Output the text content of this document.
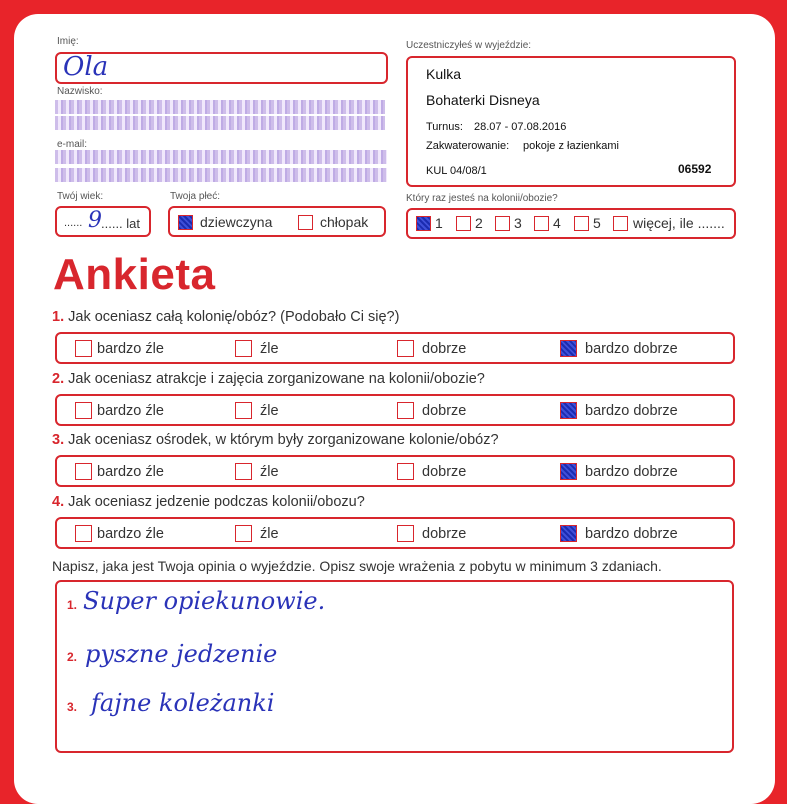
Imię:
Ola
Nazwisko:
e-mail:
Twój wiek:
...... 9 ...... lat
Twoja płeć:
dziewczyna	chłopak
Uczestniczyłeś w wyjeździe:
Kulka
Bohaterki Disneya
Turnus: 28.07 - 07.08.2016
Zakwaterowanie: pokoje z łazienkami
KUL 04/08/1	06592
Który raz jesteś na kolonii/obozie?
1 2 3 4 5 więcej, ile .......
Ankieta
1. Jak oceniasz całą kolonię/obóz? (Podobało Ci się?)
bardzo źle	źle	dobrze	bardzo dobrze
2. Jak oceniasz atrakcje i zajęcia zorganizowane na kolonii/obozie?
bardzo źle	źle	dobrze	bardzo dobrze
3. Jak oceniasz ośrodek, w którym były zorganizowane kolonie/obóz?
bardzo źle	źle	dobrze	bardzo dobrze
4. Jak oceniasz jedzenie podczas kolonii/obozu?
bardzo źle	źle	dobrze	bardzo dobrze
Napisz, jaka jest Twoja opinia o wyjeździe. Opisz swoje wrażenia z pobytu w minimum 3 zdaniach.
1. Super opiekunowie.
2. pyszne jedzenie
3. fajne koleżanki
